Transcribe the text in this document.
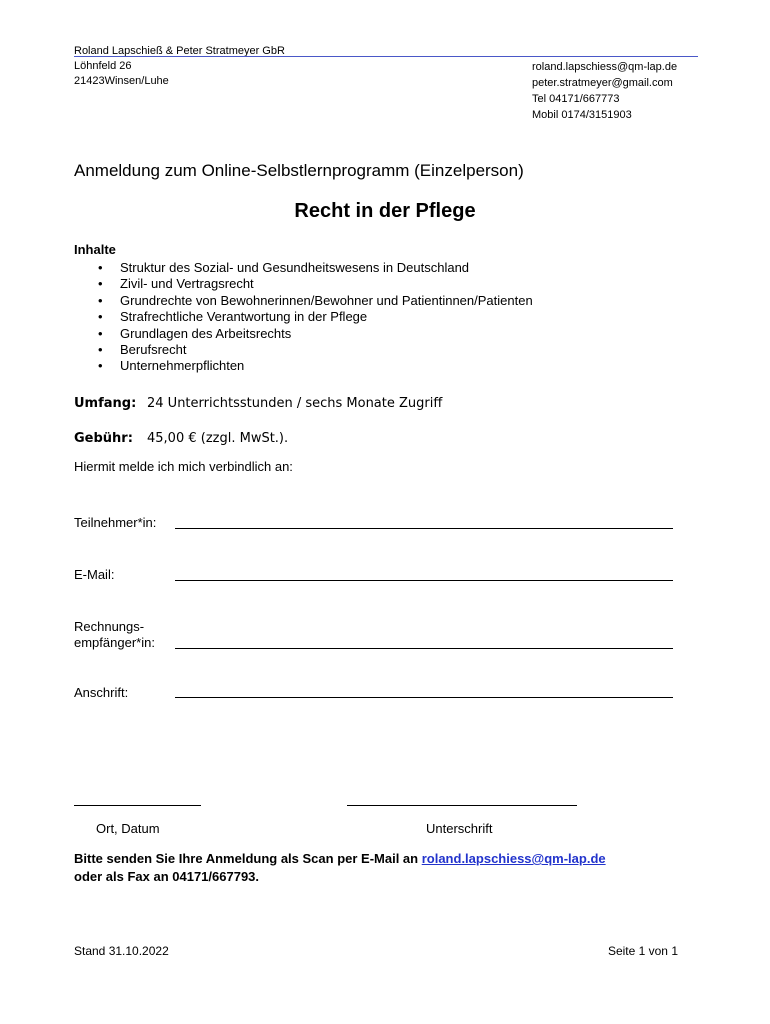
Roland Lapschieß & Peter Stratmeyer GbR
Löhnfeld 26
21423Winsen/Luhe
roland.lapschiess@qm-lap.de
peter.stratmeyer@gmail.com
Tel 04171/667773
Mobil 0174/3151903
Anmeldung zum Online-Selbstlernprogramm (Einzelperson)
Recht in der Pflege
Inhalte
• Struktur des Sozial- und Gesundheitswesens in Deutschland
• Zivil- und Vertragsrecht
• Grundrechte von Bewohnerinnen/Bewohner und Patientinnen/Patienten
• Strafrechtliche Verantwortung in der Pflege
• Grundlagen des Arbeitsrechts
• Berufsrecht
• Unternehmerpflichten
Umfang: 24 Unterrichtsstunden / sechs Monate Zugriff
Gebühr: 45,00 € (zzgl. MwSt.).
Hiermit melde ich mich verbindlich an:
Teilnehmer*in:
E-Mail:
Rechnungs-
empfänger*in:
Anschrift:
Ort, Datum	Unterschrift
Bitte senden Sie Ihre Anmeldung als Scan per E-Mail an roland.lapschiess@qm-lap.de
oder als Fax an 04171/667793.
Stand 31.10.2022	Seite 1 von 1
